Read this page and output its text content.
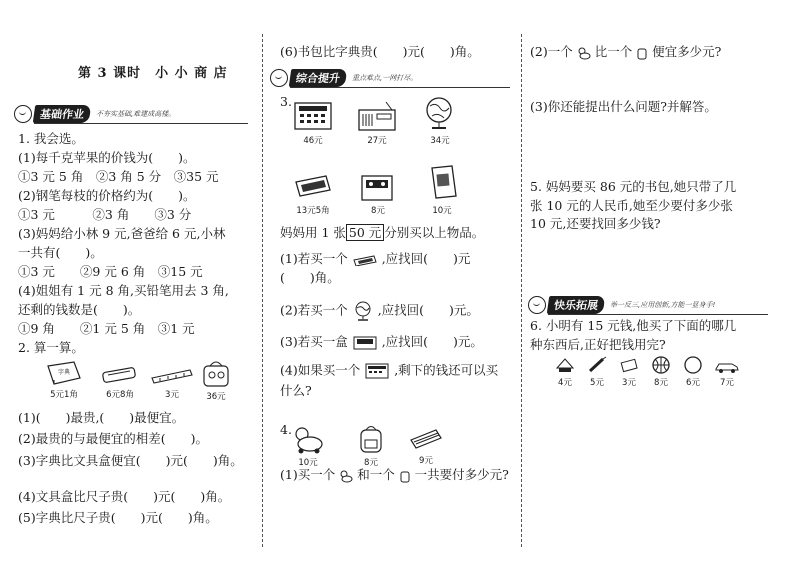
第 3 课时　小 小 商 店
基础作业	不夯实基础,难建成高楼。
1. 我会选。
(1)每千克苹果的价钱为(　　)。
①3 元 5 角　②3 角 5 分　③35 元
(2)钢笔每枝的价格约为(　　)。
①3 元　　　②3 角　　③3 分
(3)妈妈给小林 9 元,爸爸给 6 元,小林
一共有(　　)。
①3 元　　②9 元 6 角　③15 元
(4)姐姐有 1 元 8 角,买铅笔用去 3 角,
还剩的钱数是(　　)。
①9 角　　②1 元 5 角　③1 元
2. 算一算。
字典
5元1角	6元8角	3元	36元
(1)(　　)最贵,(　　)最便宜。
(2)最贵的与最便宜的相差(　　)。
(3)字典比文具盒便宜(　　)元(　　)角。
(4)文具盒比尺子贵(　　)元(　　)角。
(5)字典比尺子贵(　　)元(　　)角。
(6)书包比字典贵(　　)元(　　)角。
综合提升	重点难点,一网打尽。
3.
46元	27元	34元
13元5角	8元	10元
妈妈用 1 张 50 元 分别买以上物品。
(1)若买一个	,应找回(　　)元
(　　)角。
(2)若买一个 ,应找回(　　)元。
(3)若买一盒	,应找回(　　)元。
(4)如果买一个	,剩下的钱还可以买
什么?
4.
10元	8元	9元
(1)买一个 和一个 一共要付多少元?
(2)一个 比一个 便宜多少元?
(3)你还能提出什么问题?并解答。
5. 妈妈要买 86 元的书包,她只带了几
张 10 元的人民币,她至少要付多少张
10 元,还要找回多少钱?
快乐拓展	举一反三,应用创新,方能一显身手!
6. 小明有 15 元钱,他买了下面的哪几
种东西后,正好把钱用完?
4元 5元 3元 8元 6元 7元
